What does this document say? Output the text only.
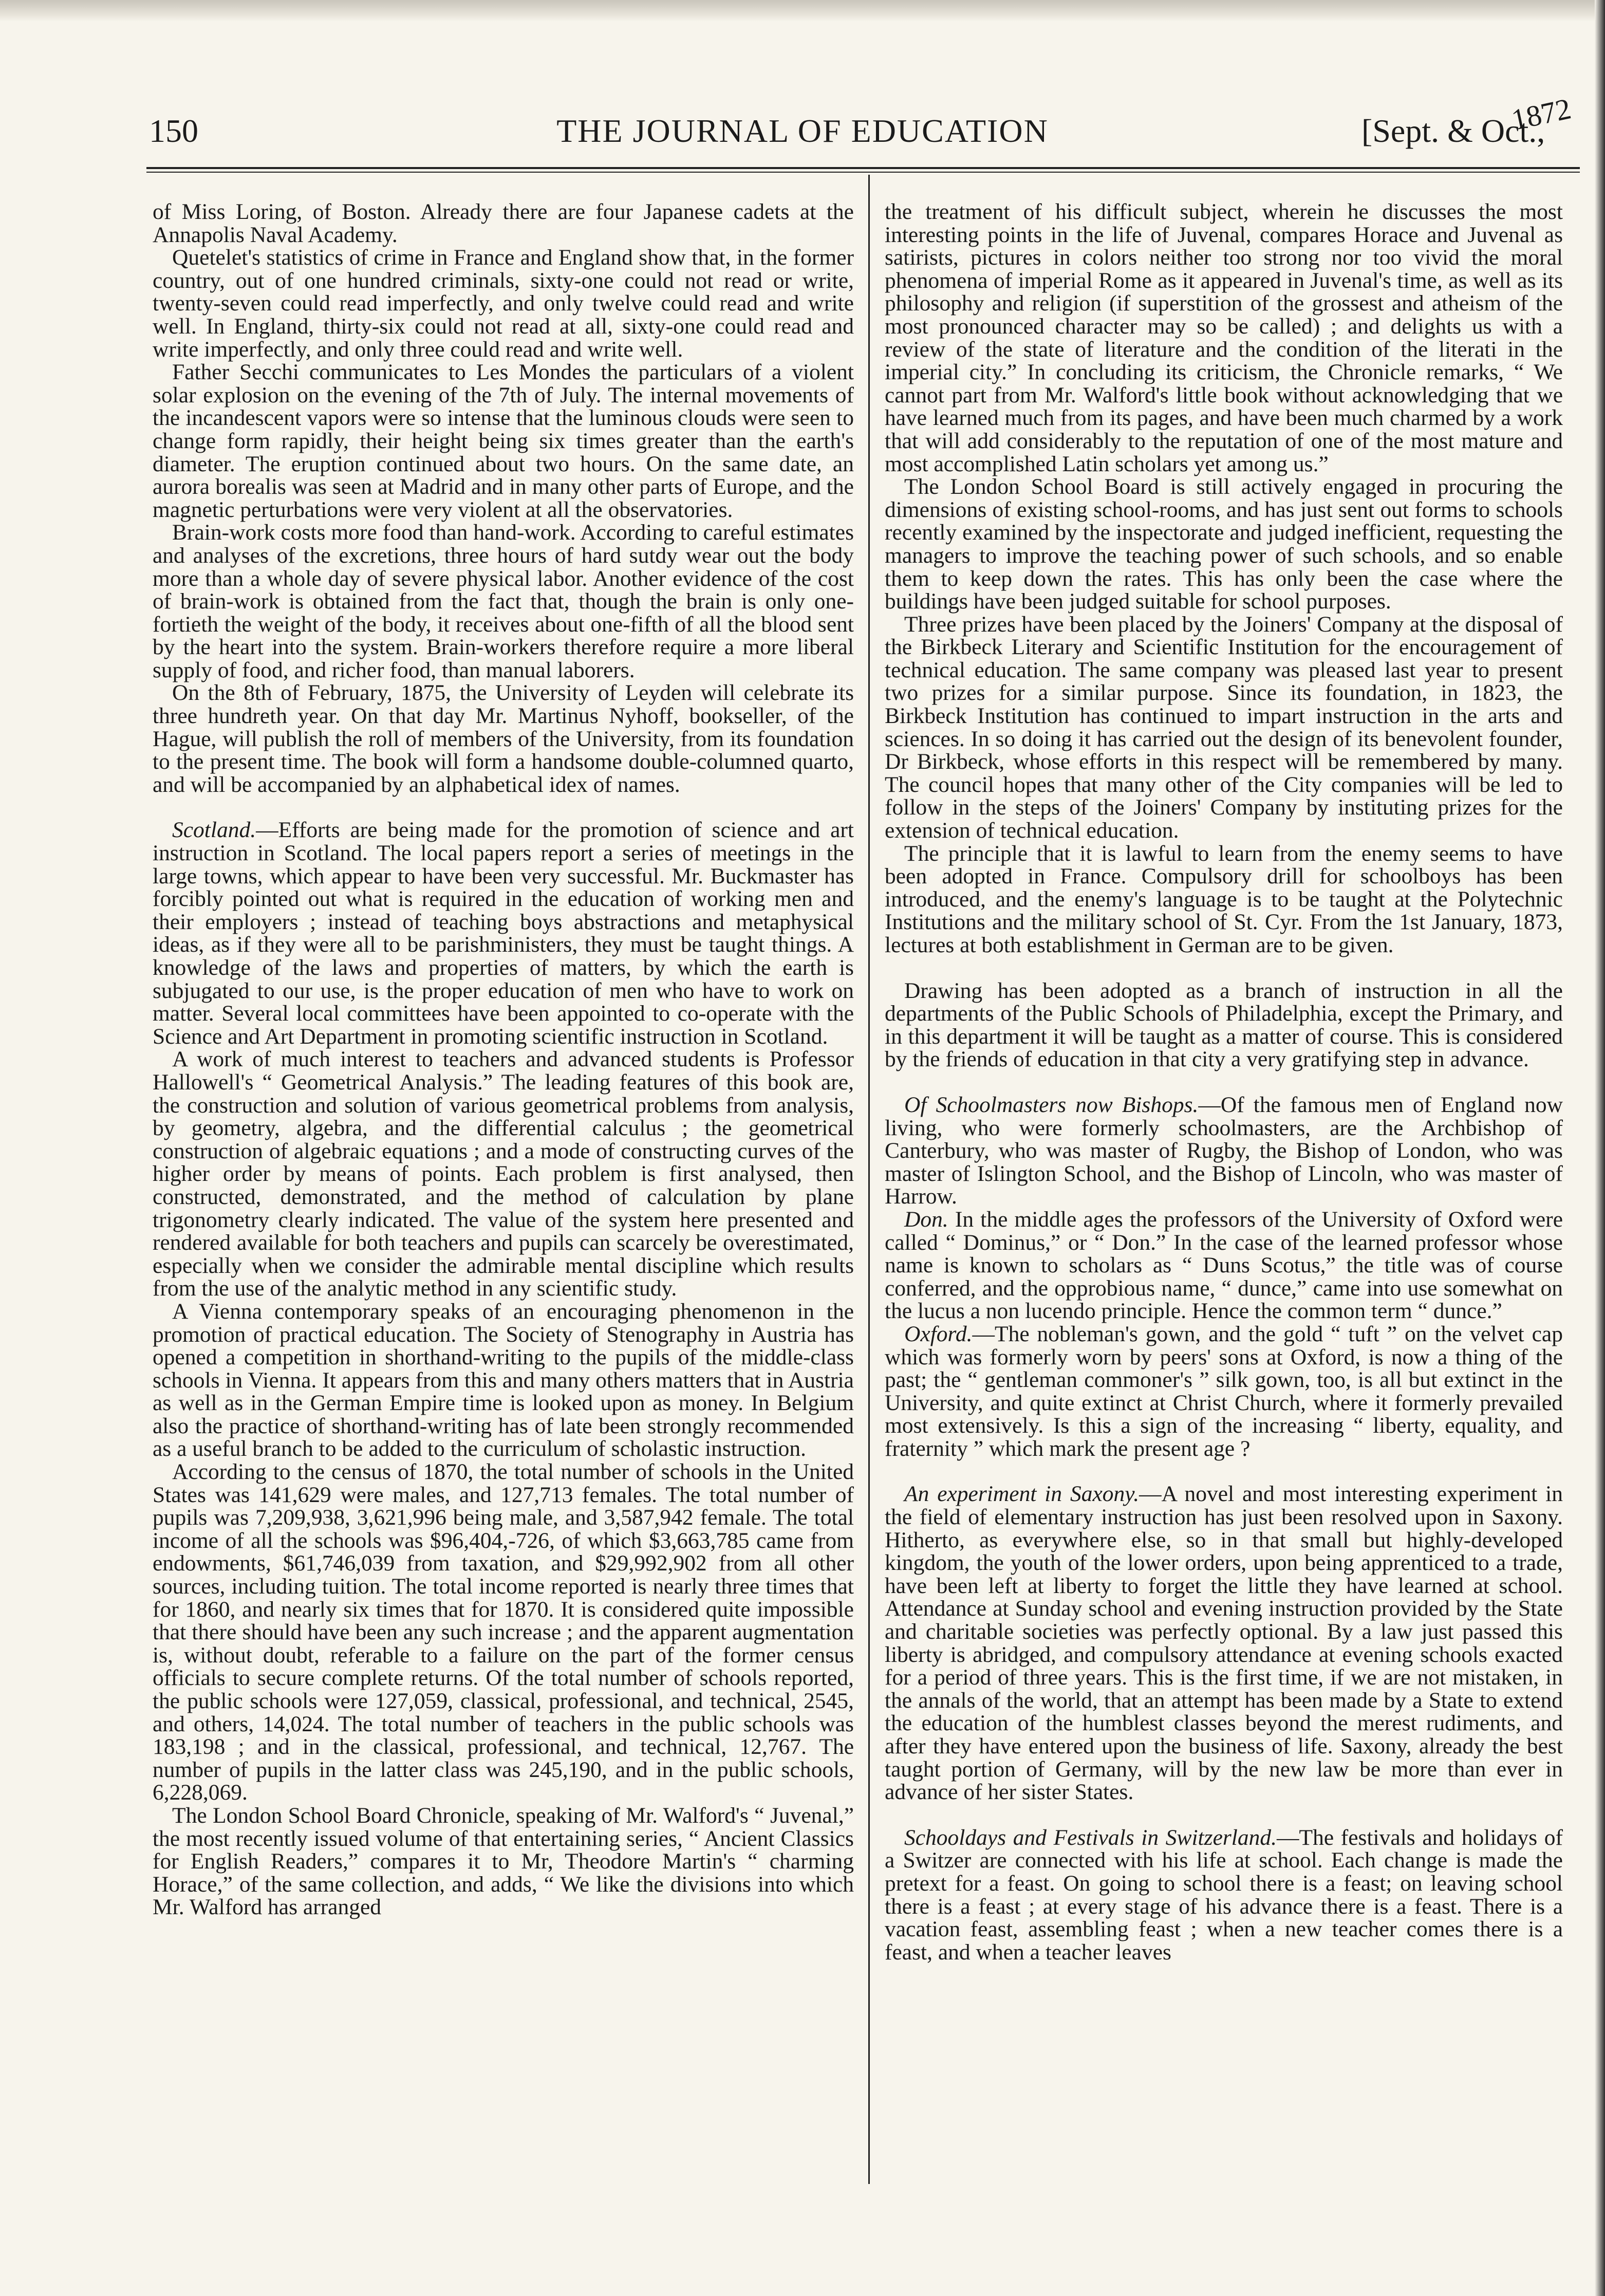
150	THE JOURNAL OF EDUCATION	[Sept. & Oct.,
1872

of Miss Loring, of Boston. Already there are four Japanese cadets at the Annapolis Naval Academy.

Quetelet's statistics of crime in France and England show that, in the former country, out of one hundred criminals, sixty-one could not read or write, twenty-seven could read imperfectly, and only twelve could read and write well. In England, thirty-six could not read at all, sixty-one could read and write imperfectly, and only three could read and write well.

Father Secchi communicates to Les Mondes the particulars of a violent solar explosion on the evening of the 7th of July. The internal movements of the incandescent vapors were so intense that the luminous clouds were seen to change form rapidly, their height being six times greater than the earth's diameter. The eruption continued about two hours. On the same date, an aurora borealis was seen at Madrid and in many other parts of Europe, and the magnetic perturbations were very violent at all the observatories.

Brain-work costs more food than hand-work. According to careful estimates and analyses of the excretions, three hours of hard sutdy wear out the body more than a whole day of severe physical labor. Another evidence of the cost of brain-work is obtained from the fact that, though the brain is only one-fortieth the weight of the body, it receives about one-fifth of all the blood sent by the heart into the system. Brain-workers therefore require a more liberal supply of food, and richer food, than manual laborers.

On the 8th of February, 1875, the University of Leyden will celebrate its three hundreth year. On that day Mr. Martinus Nyhoff, bookseller, of the Hague, will publish the roll of members of the University, from its foundation to the present time. The book will form a handsome double-columned quarto, and will be accompanied by an alphabetical idex of names.

Scotland.—Efforts are being made for the promotion of science and art instruction in Scotland. The local papers report a series of meetings in the large towns, which appear to have been very successful. Mr. Buckmaster has forcibly pointed out what is required in the education of working men and their employers ; instead of teaching boys abstractions and metaphysical ideas, as if they were all to be parishministers, they must be taught things. A knowledge of the laws and properties of matters, by which the earth is subjugated to our use, is the proper education of men who have to work on matter. Several local committees have been appointed to co-operate with the Science and Art Department in promoting scientific instruction in Scotland.

A work of much interest to teachers and advanced students is Professor Hallowell's “ Geometrical Analysis.” The leading features of this book are, the construction and solution of various geometrical problems from analysis, by geometry, algebra, and the differential calculus ; the geometrical construction of algebraic equations ; and a mode of constructing curves of the higher order by means of points. Each problem is first analysed, then constructed, demonstrated, and the method of calculation by plane trigonometry clearly indicated. The value of the system here presented and rendered available for both teachers and pupils can scarcely be overestimated, especially when we consider the admirable mental discipline which results from the use of the analytic method in any scientific study.

A Vienna contemporary speaks of an encouraging phenomenon in the promotion of practical education. The Society of Stenography in Austria has opened a competition in shorthand-writing to the pupils of the middle-class schools in Vienna. It appears from this and many others matters that in Austria as well as in the German Empire time is looked upon as money. In Belgium also the practice of shorthand-writing has of late been strongly recommended as a useful branch to be added to the curriculum of scholastic instruction.

According to the census of 1870, the total number of schools in the United States was 141,629 were males, and 127,713 females. The total number of pupils was 7,209,938, 3,621,996 being male, and 3,587,942 female. The total income of all the schools was $96,404,-726, of which $3,663,785 came from endowments, $61,746,039 from taxation, and $29,992,902 from all other sources, including tuition. The total income reported is nearly three times that for 1860, and nearly six times that for 1870. It is considered quite impossible that there should have been any such increase ; and the apparent augmentation is, without doubt, referable to a failure on the part of the former census officials to secure complete returns. Of the total number of schools reported, the public schools were 127,059, classical, professional, and technical, 2545, and others, 14,024. The total number of teachers in the public schools was 183,198 ; and in the classical, professional, and technical, 12,767. The number of pupils in the latter class was 245,190, and in the public schools, 6,228,069.

The London School Board Chronicle, speaking of Mr. Walford's “ Juvenal,” the most recently issued volume of that entertaining series, “ Ancient Classics for English Readers,” compares it to Mr, Theodore Martin's “ charming Horace,” of the same collection, and adds, “ We like the divisions into which Mr. Walford has arranged

the treatment of his difficult subject, wherein he discusses the most interesting points in the life of Juvenal, compares Horace and Juvenal as satirists, pictures in colors neither too strong nor too vivid the moral phenomena of imperial Rome as it appeared in Juvenal's time, as well as its philosophy and religion (if superstition of the grossest and atheism of the most pronounced character may so be called) ; and delights us with a review of the state of literature and the condition of the literati in the imperial city.” In concluding its criticism, the Chronicle remarks, “ We cannot part from Mr. Walford's little book without acknowledging that we have learned much from its pages, and have been much charmed by a work that will add considerably to the reputation of one of the most mature and most accomplished Latin scholars yet among us.”

The London School Board is still actively engaged in procuring the dimensions of existing school-rooms, and has just sent out forms to schools recently examined by the inspectorate and judged inefficient, requesting the managers to improve the teaching power of such schools, and so enable them to keep down the rates. This has only been the case where the buildings have been judged suitable for school purposes.

Three prizes have been placed by the Joiners' Company at the disposal of the Birkbeck Literary and Scientific Institution for the encouragement of technical education. The same company was pleased last year to present two prizes for a similar purpose. Since its foundation, in 1823, the Birkbeck Institution has continued to impart instruction in the arts and sciences. In so doing it has carried out the design of its benevolent founder, Dr Birkbeck, whose efforts in this respect will be remembered by many. The council hopes that many other of the City companies will be led to follow in the steps of the Joiners' Company by instituting prizes for the extension of technical education.

The principle that it is lawful to learn from the enemy seems to have been adopted in France. Compulsory drill for schoolboys has been introduced, and the enemy's language is to be taught at the Polytechnic Institutions and the military school of St. Cyr. From the 1st January, 1873, lectures at both establishment in German are to be given.

Drawing has been adopted as a branch of instruction in all the departments of the Public Schools of Philadelphia, except the Primary, and in this department it will be taught as a matter of course. This is considered by the friends of education in that city a very gratifying step in advance.

Of Schoolmasters now Bishops.—Of the famous men of England now living, who were formerly schoolmasters, are the Archbishop of Canterbury, who was master of Rugby, the Bishop of London, who was master of Islington School, and the Bishop of Lincoln, who was master of Harrow.

Don. In the middle ages the professors of the University of Oxford were called “ Dominus,” or “ Don.” In the case of the learned professor whose name is known to scholars as “ Duns Scotus,” the title was of course conferred, and the opprobious name, “ dunce,” came into use somewhat on the lucus a non lucendo principle. Hence the common term “ dunce.”

Oxford.—The nobleman's gown, and the gold “ tuft ” on the velvet cap which was formerly worn by peers' sons at Oxford, is now a thing of the past; the “ gentleman commoner's ” silk gown, too, is all but extinct in the University, and quite extinct at Christ Church, where it formerly prevailed most extensively. Is this a sign of the increasing “ liberty, equality, and fraternity ” which mark the present age ?

An experiment in Saxony.—A novel and most interesting experiment in the field of elementary instruction has just been resolved upon in Saxony. Hitherto, as everywhere else, so in that small but highly-developed kingdom, the youth of the lower orders, upon being apprenticed to a trade, have been left at liberty to forget the little they have learned at school. Attendance at Sunday school and evening instruction provided by the State and charitable societies was perfectly optional. By a law just passed this liberty is abridged, and compulsory attendance at evening schools exacted for a period of three years. This is the first time, if we are not mistaken, in the annals of the world, that an attempt has been made by a State to extend the education of the humblest classes beyond the merest rudiments, and after they have entered upon the business of life. Saxony, already the best taught portion of Germany, will by the new law be more than ever in advance of her sister States.

Schooldays and Festivals in Switzerland.—The festivals and holidays of a Switzer are connected with his life at school. Each change is made the pretext for a feast. On going to school there is a feast; on leaving school there is a feast ; at every stage of his advance there is a feast. There is a vacation feast, assembling feast ; when a new teacher comes there is a feast, and when a teacher leaves
